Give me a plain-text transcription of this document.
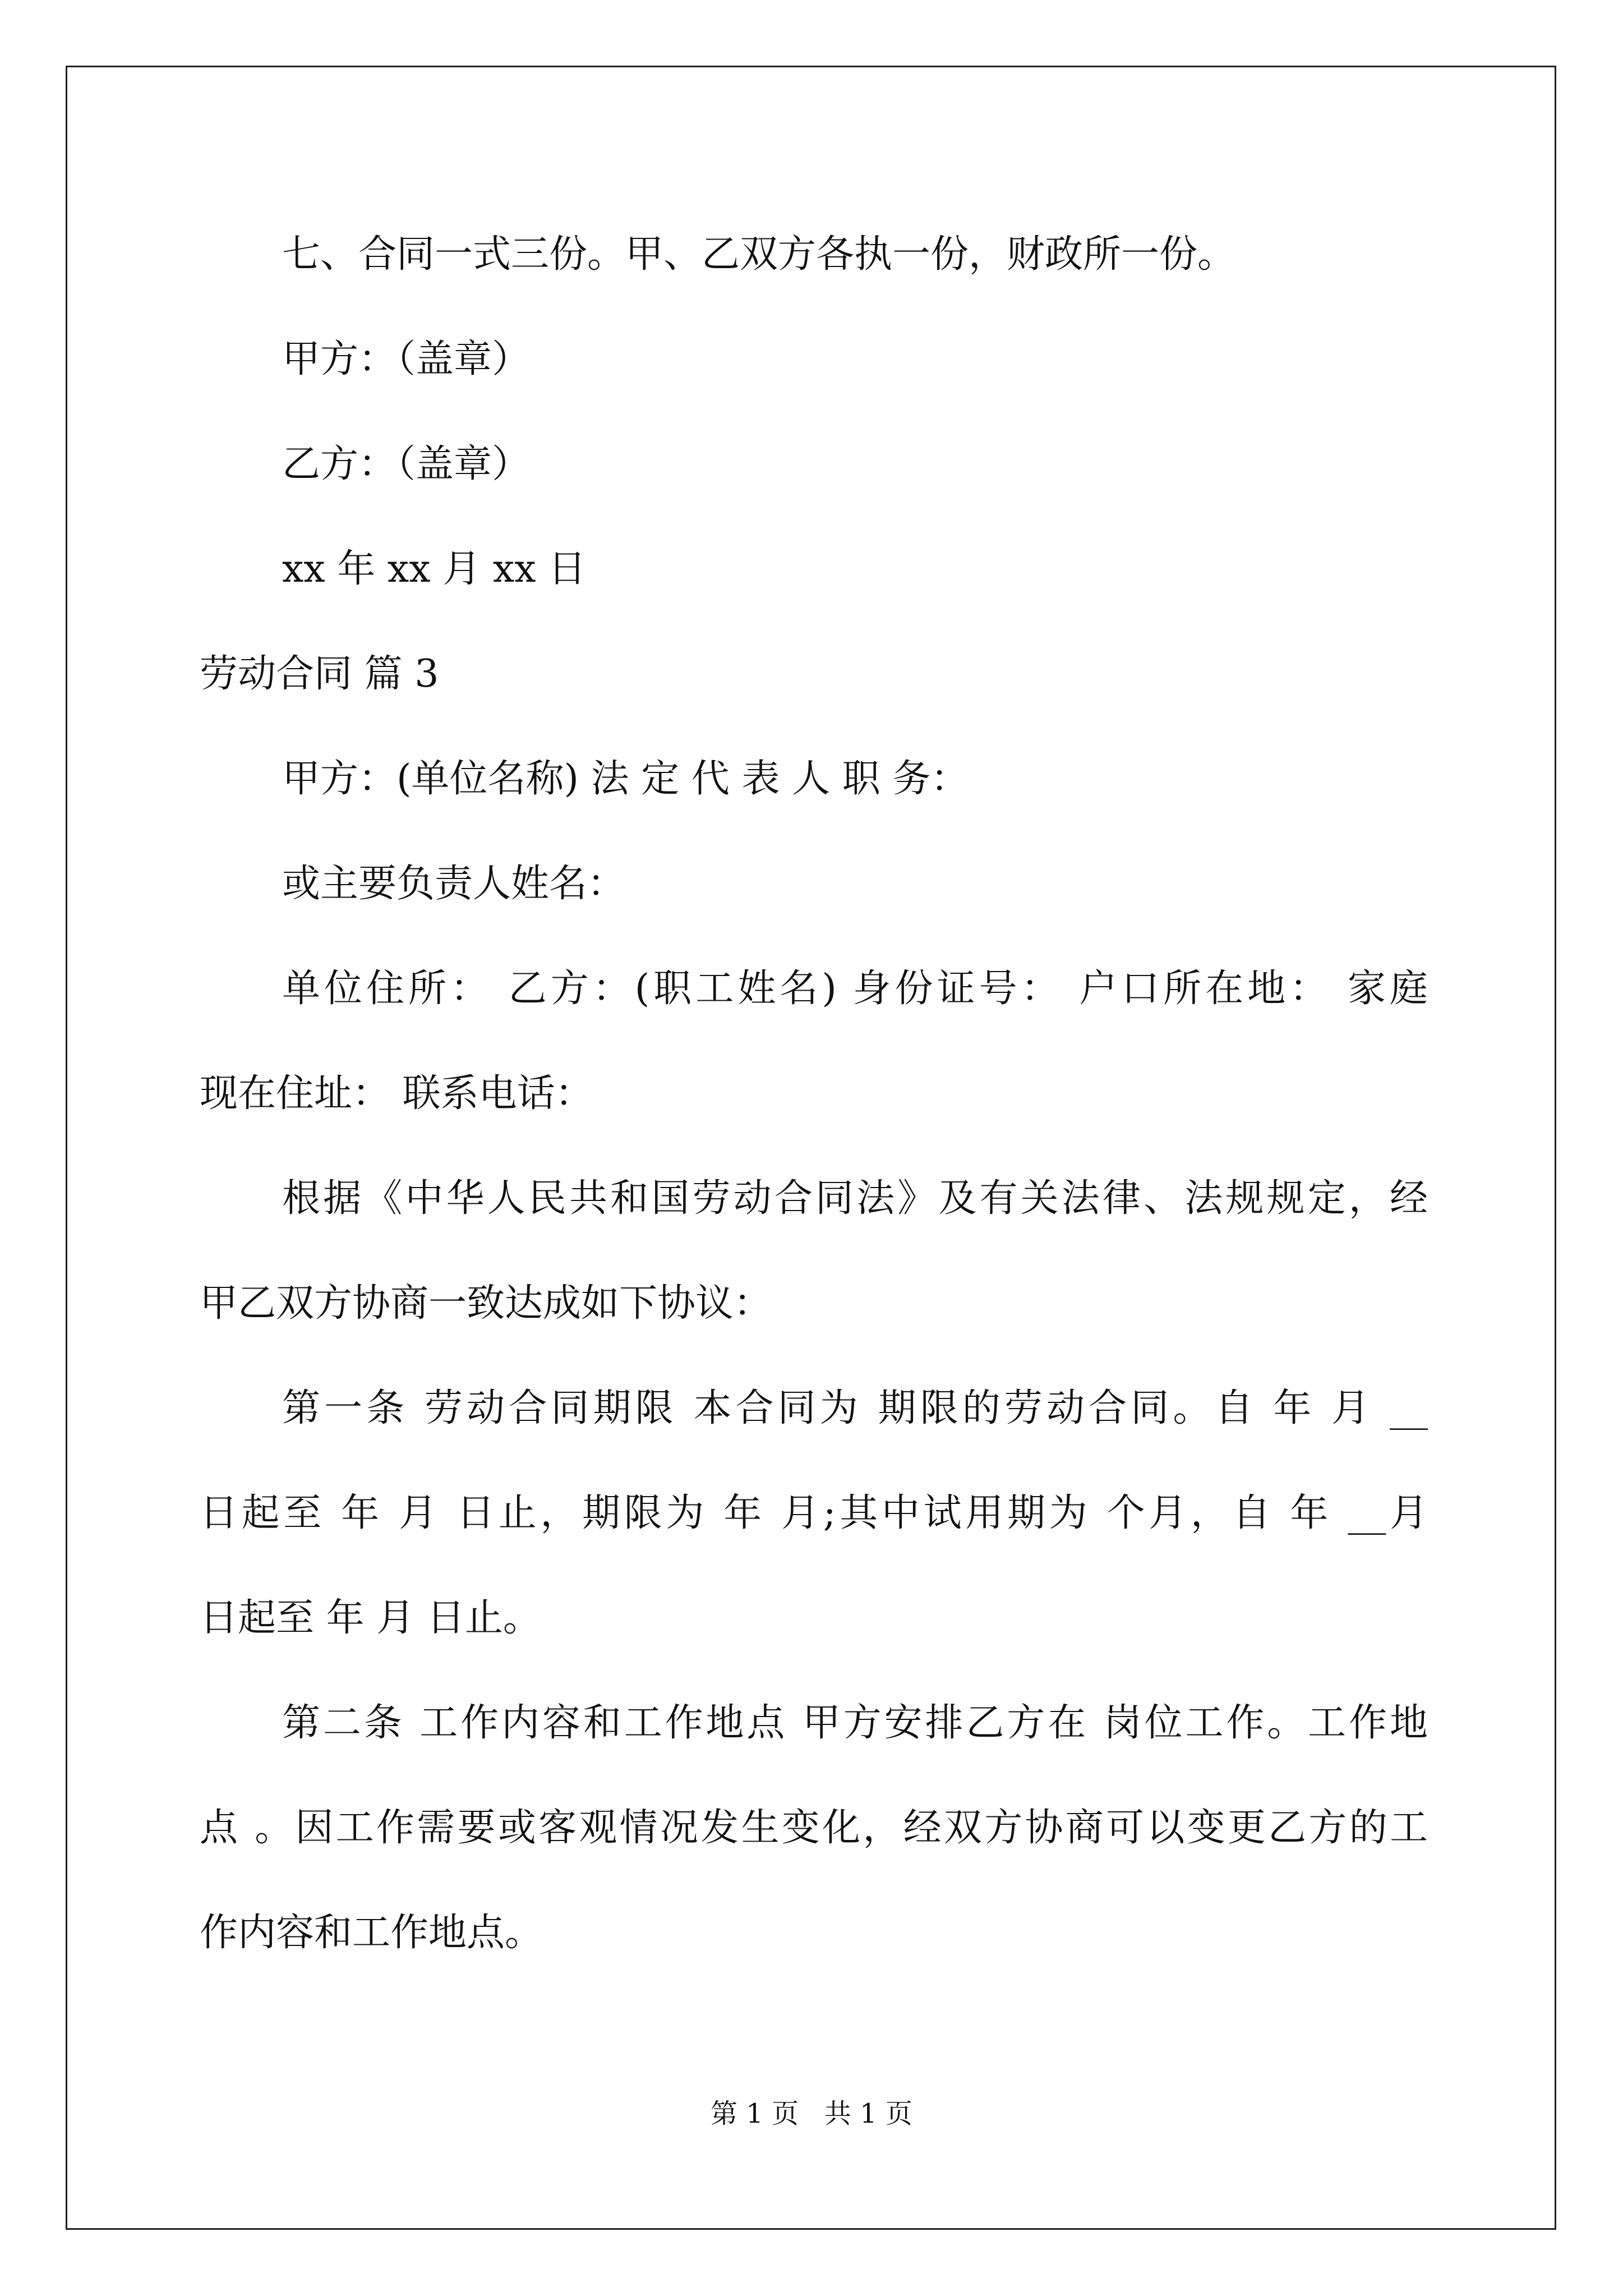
七、合同一式三份。甲、乙双方各执一份，财政所一份。
甲方：（盖章）
乙方：（盖章）
xx 年 xx 月 xx 日
劳动合同 篇 3
甲方：(单位名称) 法 定 代 表 人 职 务：
或主要负责人姓名：
单位住所： 乙方：(职工姓名) 身份证号： 户口所在地： 家庭
现在住址： 联系电话：
根据《中华人民共和国劳动合同法》及有关法律、法规规定，经
甲乙双方协商一致达成如下协议：
第一条 劳动合同期限 本合同为 期限的劳动合同。自 年 月 __
日起至 年 月 日止，期限为 年 月;其中试用期为 个月，自 年 __月
日起至 年 月 日止。
第二条 工作内容和工作地点 甲方安排乙方在 岗位工作。工作地
点 。因工作需要或客观情况发生变化，经双方协商可以变更乙方的工
作内容和工作地点。
第 1 页   共 1 页
